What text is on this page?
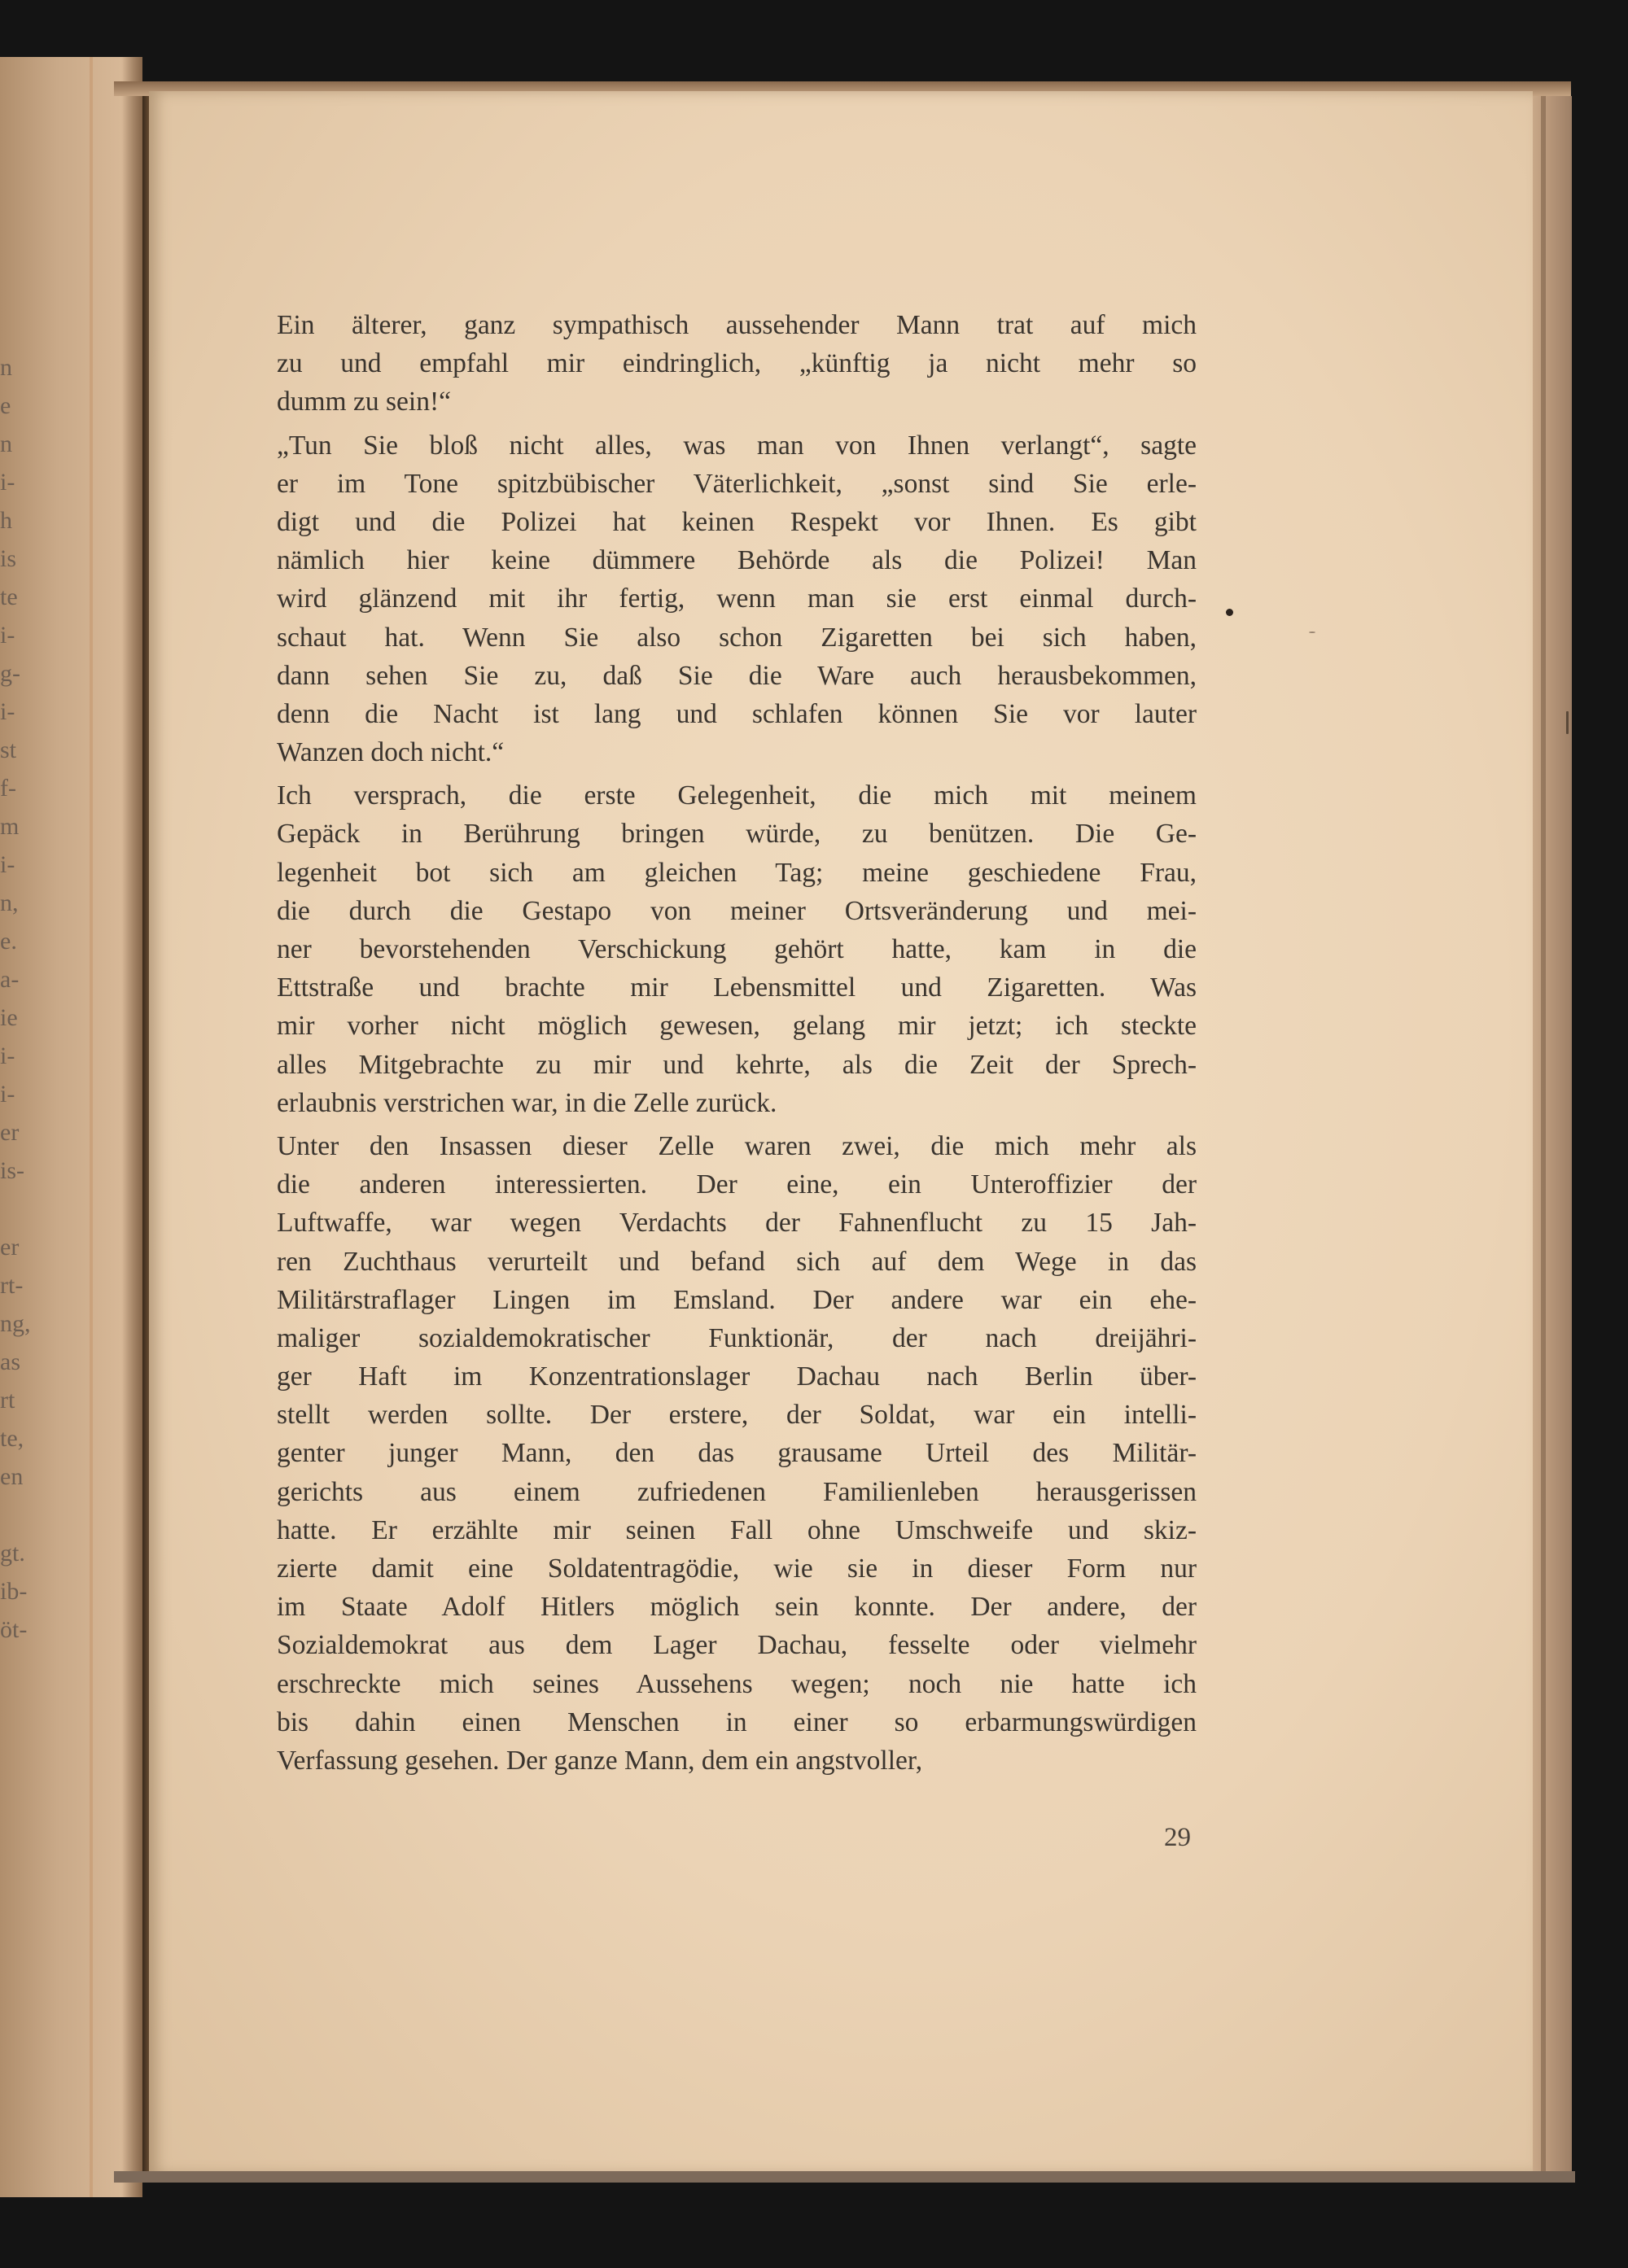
n
e
n
i-
h
is
te
i-
g-
i-
st
f-
m
i-
n,
e.
a-
ie
i-
i-
er
is-
er
rt-
ng,
as
rt
te,
en
gt.
ib-
öt-

Ein älterer, ganz sympathisch aussehender Mann trat auf mich
zu und empfahl mir eindringlich, „künftig ja nicht mehr so
dumm zu sein!“

„Tun Sie bloß nicht alles, was man von Ihnen verlangt“, sagte
er im Tone spitzbübischer Väterlichkeit, „sonst sind Sie erle-
digt und die Polizei hat keinen Respekt vor Ihnen. Es gibt
nämlich hier keine dümmere Behörde als die Polizei! Man
wird glänzend mit ihr fertig, wenn man sie erst einmal durch-
schaut hat. Wenn Sie also schon Zigaretten bei sich haben,
dann sehen Sie zu, daß Sie die Ware auch herausbekommen,
denn die Nacht ist lang und schlafen können Sie vor lauter
Wanzen doch nicht.“

Ich versprach, die erste Gelegenheit, die mich mit meinem
Gepäck in Berührung bringen würde, zu benützen. Die Ge-
legenheit bot sich am gleichen Tag; meine geschiedene Frau,
die durch die Gestapo von meiner Ortsveränderung und mei-
ner bevorstehenden Verschickung gehört hatte, kam in die
Ettstraße und brachte mir Lebensmittel und Zigaretten. Was
mir vorher nicht möglich gewesen, gelang mir jetzt; ich steckte
alles Mitgebrachte zu mir und kehrte, als die Zeit der Sprech-
erlaubnis verstrichen war, in die Zelle zurück.

Unter den Insassen dieser Zelle waren zwei, die mich mehr als
die anderen interessierten. Der eine, ein Unteroffizier der
Luftwaffe, war wegen Verdachts der Fahnenflucht zu 15 Jah-
ren Zuchthaus verurteilt und befand sich auf dem Wege in das
Militärstraflager Lingen im Emsland. Der andere war ein ehe-
maliger sozialdemokratischer Funktionär, der nach dreijähri-
ger Haft im Konzentrationslager Dachau nach Berlin über-
stellt werden sollte. Der erstere, der Soldat, war ein intelli-
genter junger Mann, den das grausame Urteil des Militär-
gerichts aus einem zufriedenen Familienleben herausgerissen
hatte. Er erzählte mir seinen Fall ohne Umschweife und skiz-
zierte damit eine Soldatentragödie, wie sie in dieser Form nur
im Staate Adolf Hitlers möglich sein konnte. Der andere, der
Sozialdemokrat aus dem Lager Dachau, fesselte oder vielmehr
erschreckte mich seines Aussehens wegen; noch nie hatte ich
bis dahin einen Menschen in einer so erbarmungswürdigen
Verfassung gesehen. Der ganze Mann, dem ein angstvoller,

29
